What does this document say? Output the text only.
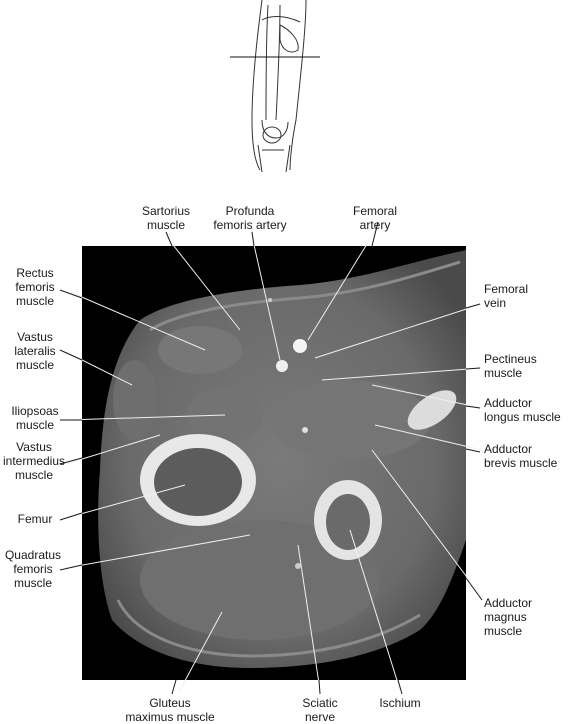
Sartorius
muscle
Profunda
femoris artery
Femoral
artery
Rectus
femoris
muscle
Vastus
lateralis
muscle
Iliopsoas
muscle
Vastus
intermedius
muscle
Femur
Quadratus
femoris
muscle
Femoral
vein
Pectineus
muscle
Adductor
longus muscle
Adductor
brevis muscle
Adductor
magnus muscle
Gluteus
maximus muscle
Sciatic
nerve
Ischium
